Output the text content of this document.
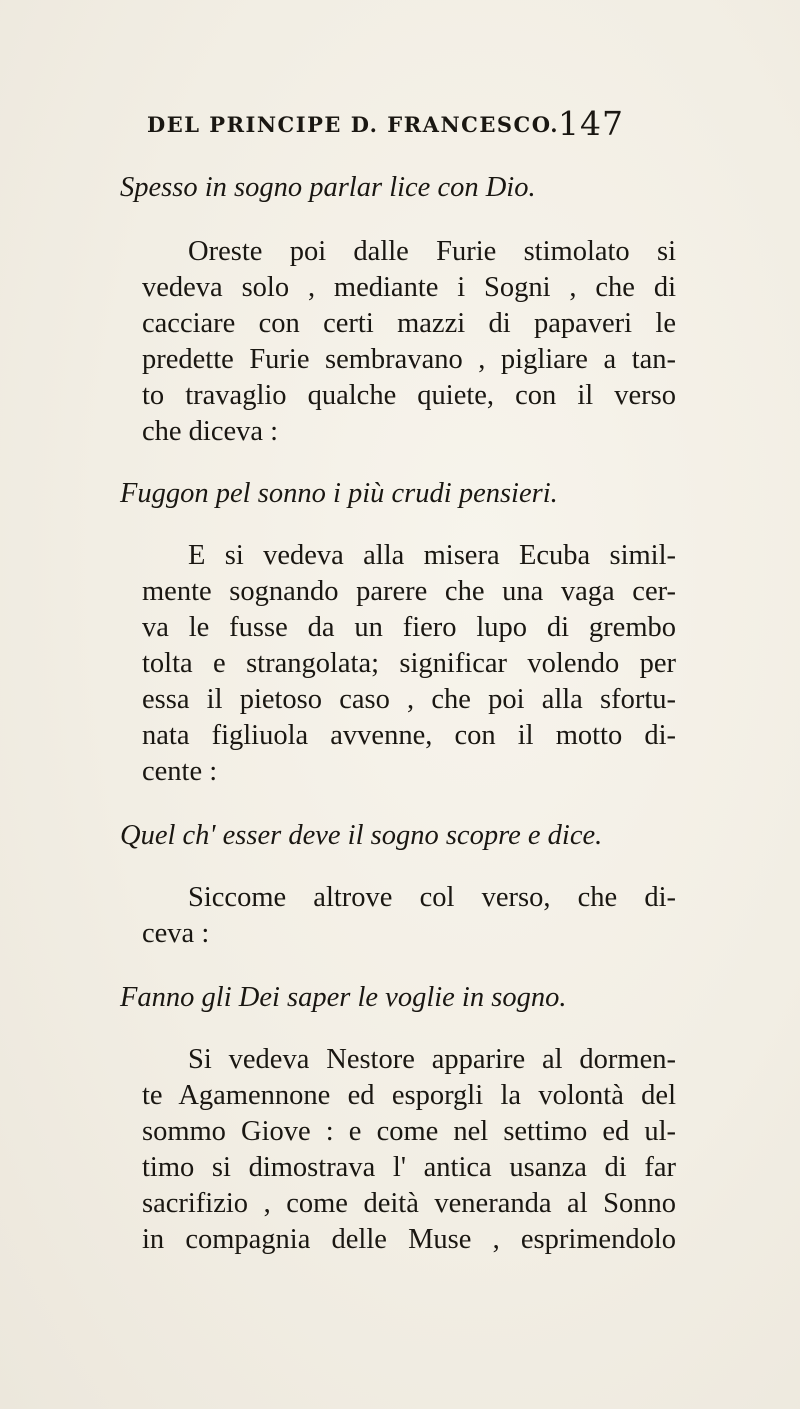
DEL PRINCIPE D. FRANCESCO.
147

Spesso in sogno parlar lice con Dio.

Oreste poi dalle Furie stimolato si
vedeva solo , mediante i Sogni , che di
cacciare con certi mazzi di papaveri le
predette Furie sembravano , pigliare a tan-
to travaglio qualche quiete, con il verso
che diceva :

Fuggon pel sonno i più crudi pensieri.

E si vedeva alla misera Ecuba simil-
mente sognando parere che una vaga cer-
va le fusse da un fiero lupo di grembo
tolta e strangolata; significar volendo per
essa il pietoso caso , che poi alla sfortu-
nata figliuola avvenne, con il motto di-
cente :

Quel ch' esser deve il sogno scopre e dice.

Siccome altrove col verso, che di-
ceva :

Fanno gli Dei saper le voglie in sogno.

Si vedeva Nestore apparire al dormen-
te Agamennone ed esporgli la volontà del
sommo Giove : e come nel settimo ed ul-
timo si dimostrava l' antica usanza di far
sacrifizio , come deità veneranda al Sonno
in compagnia delle Muse , esprimendolo
